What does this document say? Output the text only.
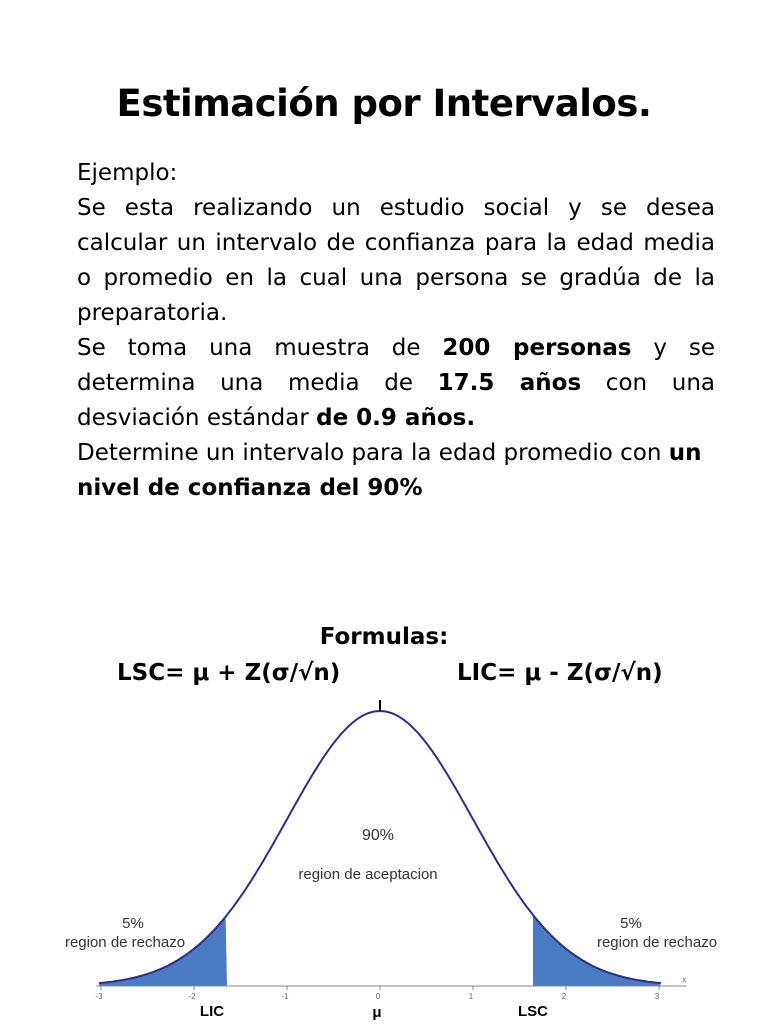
Estimación por Intervalos.

Ejemplo:

Se esta realizando un estudio social y se desea calcular un intervalo de confianza para la edad media o promedio en la cual una persona se gradúa de la preparatoria.

Se toma una muestra de 200 personas y se determina una media de 17.5 años con una desviación estándar de 0.9 años.

Determine un intervalo para la edad promedio con un nivel de confianza del 90%

Formulas:
LSC= μ + Z(σ/√n)	LIC= μ - Z(σ/√n)
-3	-2	-1	0	1	2	3
x
90%
region de aceptacion
5%
region de rechazo
5%
region de rechazo
LIC	μ	LSC
